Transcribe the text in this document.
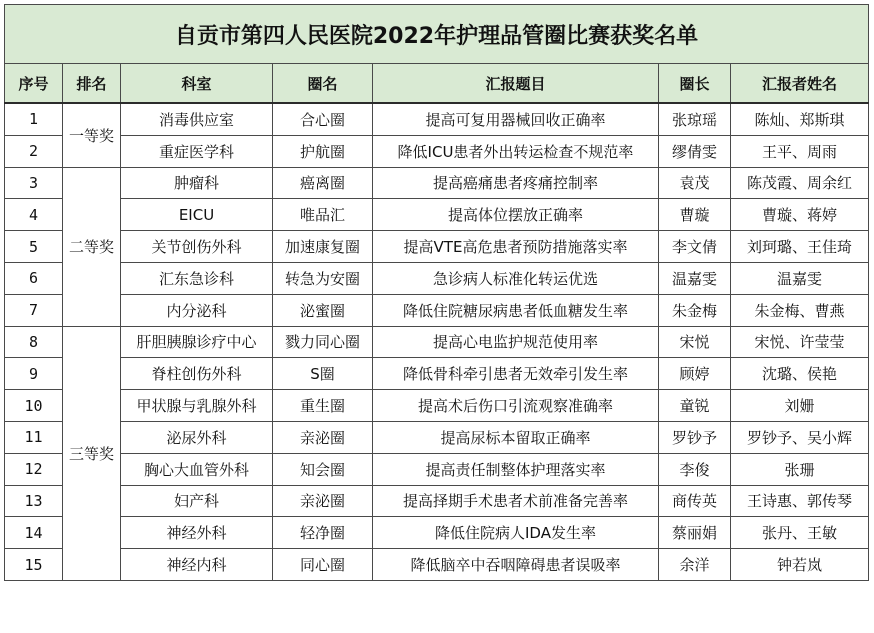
自贡市第四人民医院2022年护理品管圈比赛获奖名单						
序号	排名	科室	圈名	汇报题目	圈长	汇报者姓名
1	一等奖	消毒供应室	合心圈	提高可复用器械回收正确率	张琼瑶	陈灿、郑斯琪
2		重症医学科	护航圈	降低ICU患者外出转运检查不规范率	缪倩雯	王平、周雨
3	二等奖	肿瘤科	癌离圈	提高癌痛患者疼痛控制率	袁茂	陈茂霞、周余红
4		EICU	唯品汇	提高体位摆放正确率	曹璇	曹璇、蒋婷
5		关节创伤外科	加速康复圈	提高VTE高危患者预防措施落实率	李文倩	刘珂璐、王佳琦
6		汇东急诊科	转急为安圈	急诊病人标准化转运优选	温嘉雯	温嘉雯
7		内分泌科	泌蜜圈	降低住院糖尿病患者低血糖发生率	朱金梅	朱金梅、曹燕
8	三等奖	肝胆胰腺诊疗中心	戮力同心圈	提高心电监护规范使用率	宋悦	宋悦、许莹莹
9		脊柱创伤外科	S圈	降低骨科牵引患者无效牵引发生率	顾婷	沈璐、侯艳
10		甲状腺与乳腺外科	重生圈	提高术后伤口引流观察准确率	童锐	刘姗
11		泌尿外科	亲泌圈	提高尿标本留取正确率	罗钞予	罗钞予、吴小辉
12		胸心大血管外科	知会圈	提高责任制整体护理落实率	李俊	张珊
13		妇产科	亲泌圈	提高择期手术患者术前准备完善率	商传英	王诗惠、郭传琴
14		神经外科	轻净圈	降低住院病人IDA发生率	蔡丽娟	张丹、王敏
15		神经内科	同心圈	降低脑卒中吞咽障碍患者误吸率	余洋	钟若岚
